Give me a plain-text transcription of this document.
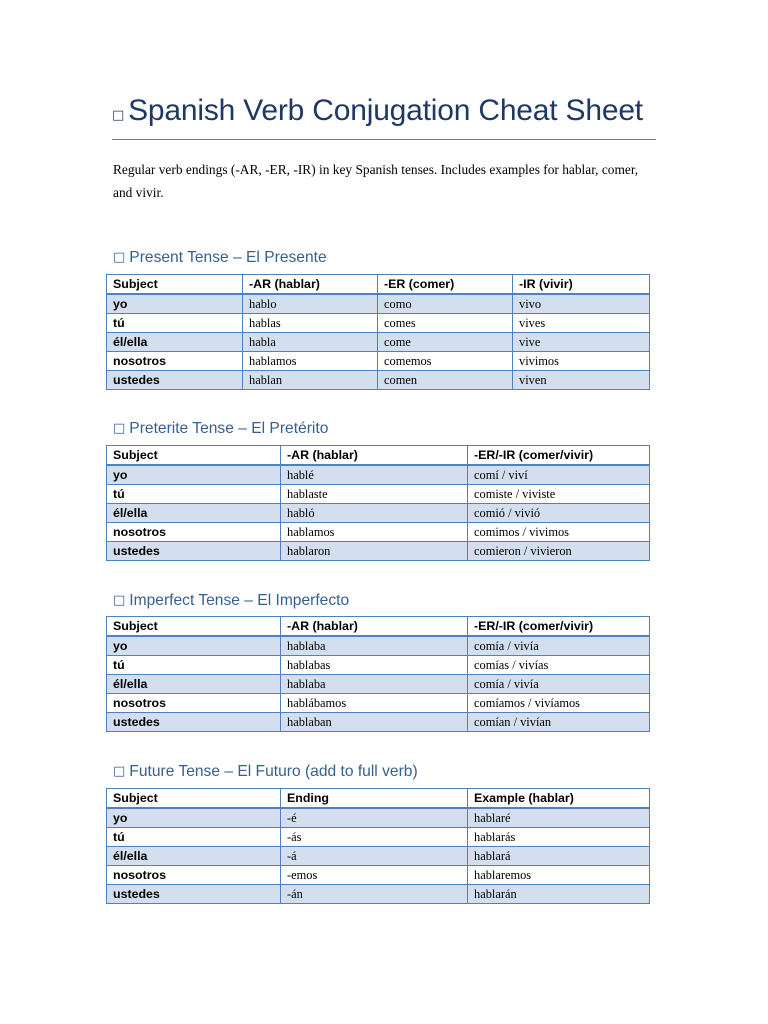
□ Spanish Verb Conjugation Cheat Sheet
Regular verb endings (-AR, -ER, -IR) in key Spanish tenses. Includes examples for hablar, comer, and vivir.
□ Present Tense – El Presente
Subject	-AR (hablar)	-ER (comer)	-IR (vivir)
yo	hablo	como	vivo
tú	hablas	comes	vives
él/ella	habla	come	vive
nosotros	hablamos	comemos	vivimos
ustedes	hablan	comen	viven
□ Preterite Tense – El Pretérito
Subject	-AR (hablar)	-ER/-IR (comer/vivir)
yo	hablé	comí / viví
tú	hablaste	comiste / viviste
él/ella	habló	comió / vivió
nosotros	hablamos	comimos / vivimos
ustedes	hablaron	comieron / vivieron
□ Imperfect Tense – El Imperfecto
Subject	-AR (hablar)	-ER/-IR (comer/vivir)
yo	hablaba	comía / vivía
tú	hablabas	comías / vivías
él/ella	hablaba	comía / vivía
nosotros	hablábamos	comíamos / vivíamos
ustedes	hablaban	comían / vivían
□ Future Tense – El Futuro (add to full verb)
Subject	Ending	Example (hablar)
yo	-é	hablaré
tú	-ás	hablarás
él/ella	-á	hablará
nosotros	-emos	hablaremos
ustedes	-án	hablarán
